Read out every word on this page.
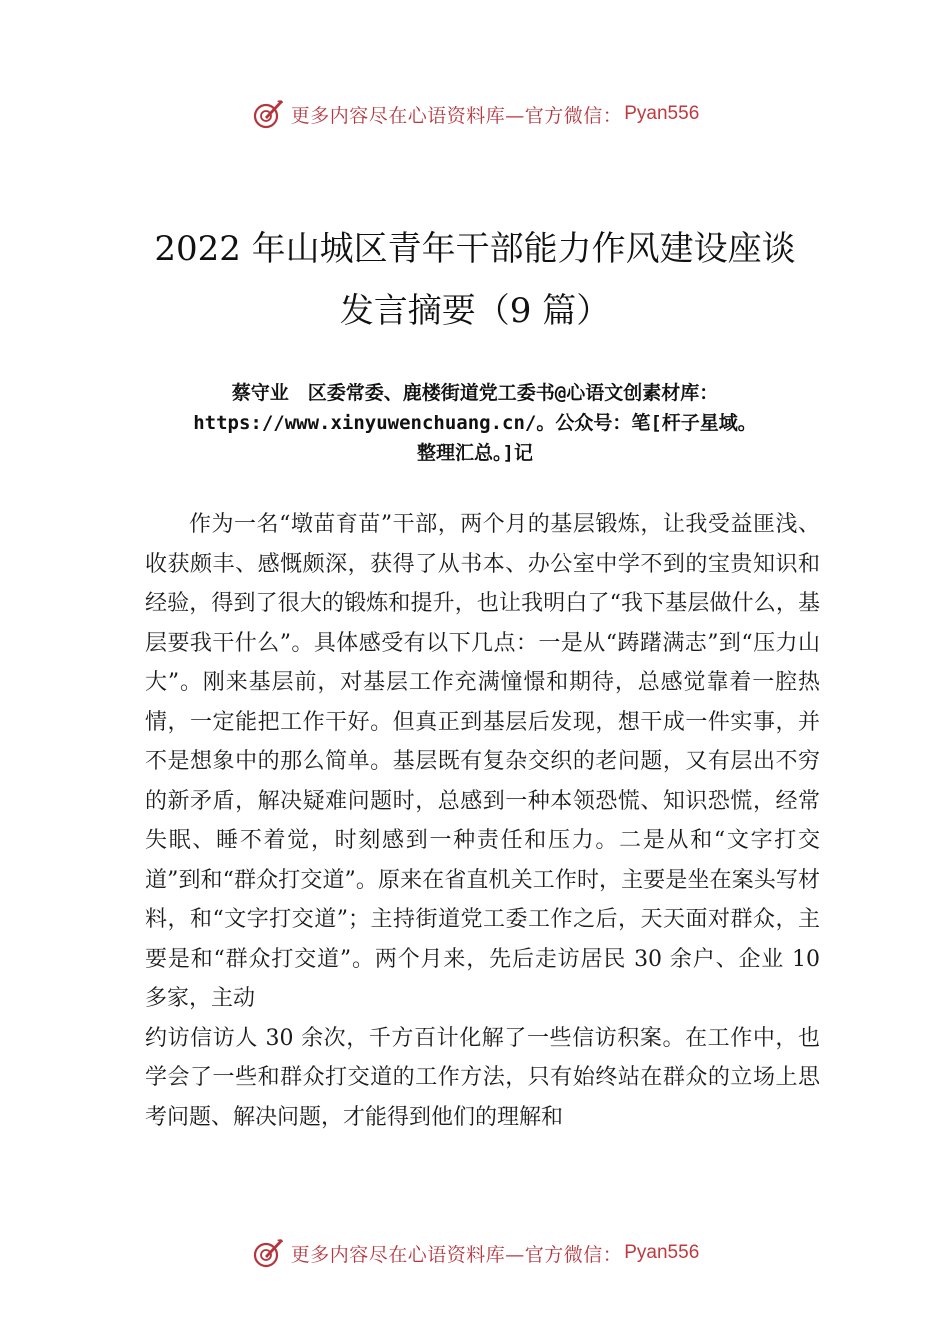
更多内容尽在心语资料库—官方微信： Pyan556
2022 年山城区青年干部能力作风建设座谈
发言摘要（9 篇）
蔡守业　区委常委、鹿楼街道党工委书@心语文创素材库：
https://www.xinyuwenchuang.cn/。公众号：笔[杆子星域。
整理汇总。]记

作为一名“墩苗育苗”干部，两个月的基层锻炼，让我受益匪浅、收获颇丰、感慨颇深，获得了从书本、办公室中学不到的宝贵知识和经验，得到了很大的锻炼和提升，也让我明白了“我下基层做什么，基层要我干什么”。具体感受有以下几点：一是从“踌躇满志”到“压力山大”。刚来基层前，对基层工作充满憧憬和期待，总感觉靠着一腔热情，一定能把工作干好。但真正到基层后发现，想干成一件实事，并不是想象中的那么简单。基层既有复杂交织的老问题，又有层出不穷的新矛盾，解决疑难问题时，总感到一种本领恐慌、知识恐慌，经常失眠、睡不着觉，时刻感到一种责任和压力。二是从和“文字打交道”到和“群众打交道”。原来在省直机关工作时，主要是坐在案头写材料，和“文字打交道”；主持街道党工委工作之后，天天面对群众，主要是和“群众打交道”。两个月来，先后走访居民 30 余户、企业 10 多家，主动

约访信访人 30 余次，千方百计化解了一些信访积案。在工作中，也学会了一些和群众打交道的工作方法，只有始终站在群众的立场上思考问题、解决问题，才能得到他们的理解和

更多内容尽在心语资料库—官方微信： Pyan556
